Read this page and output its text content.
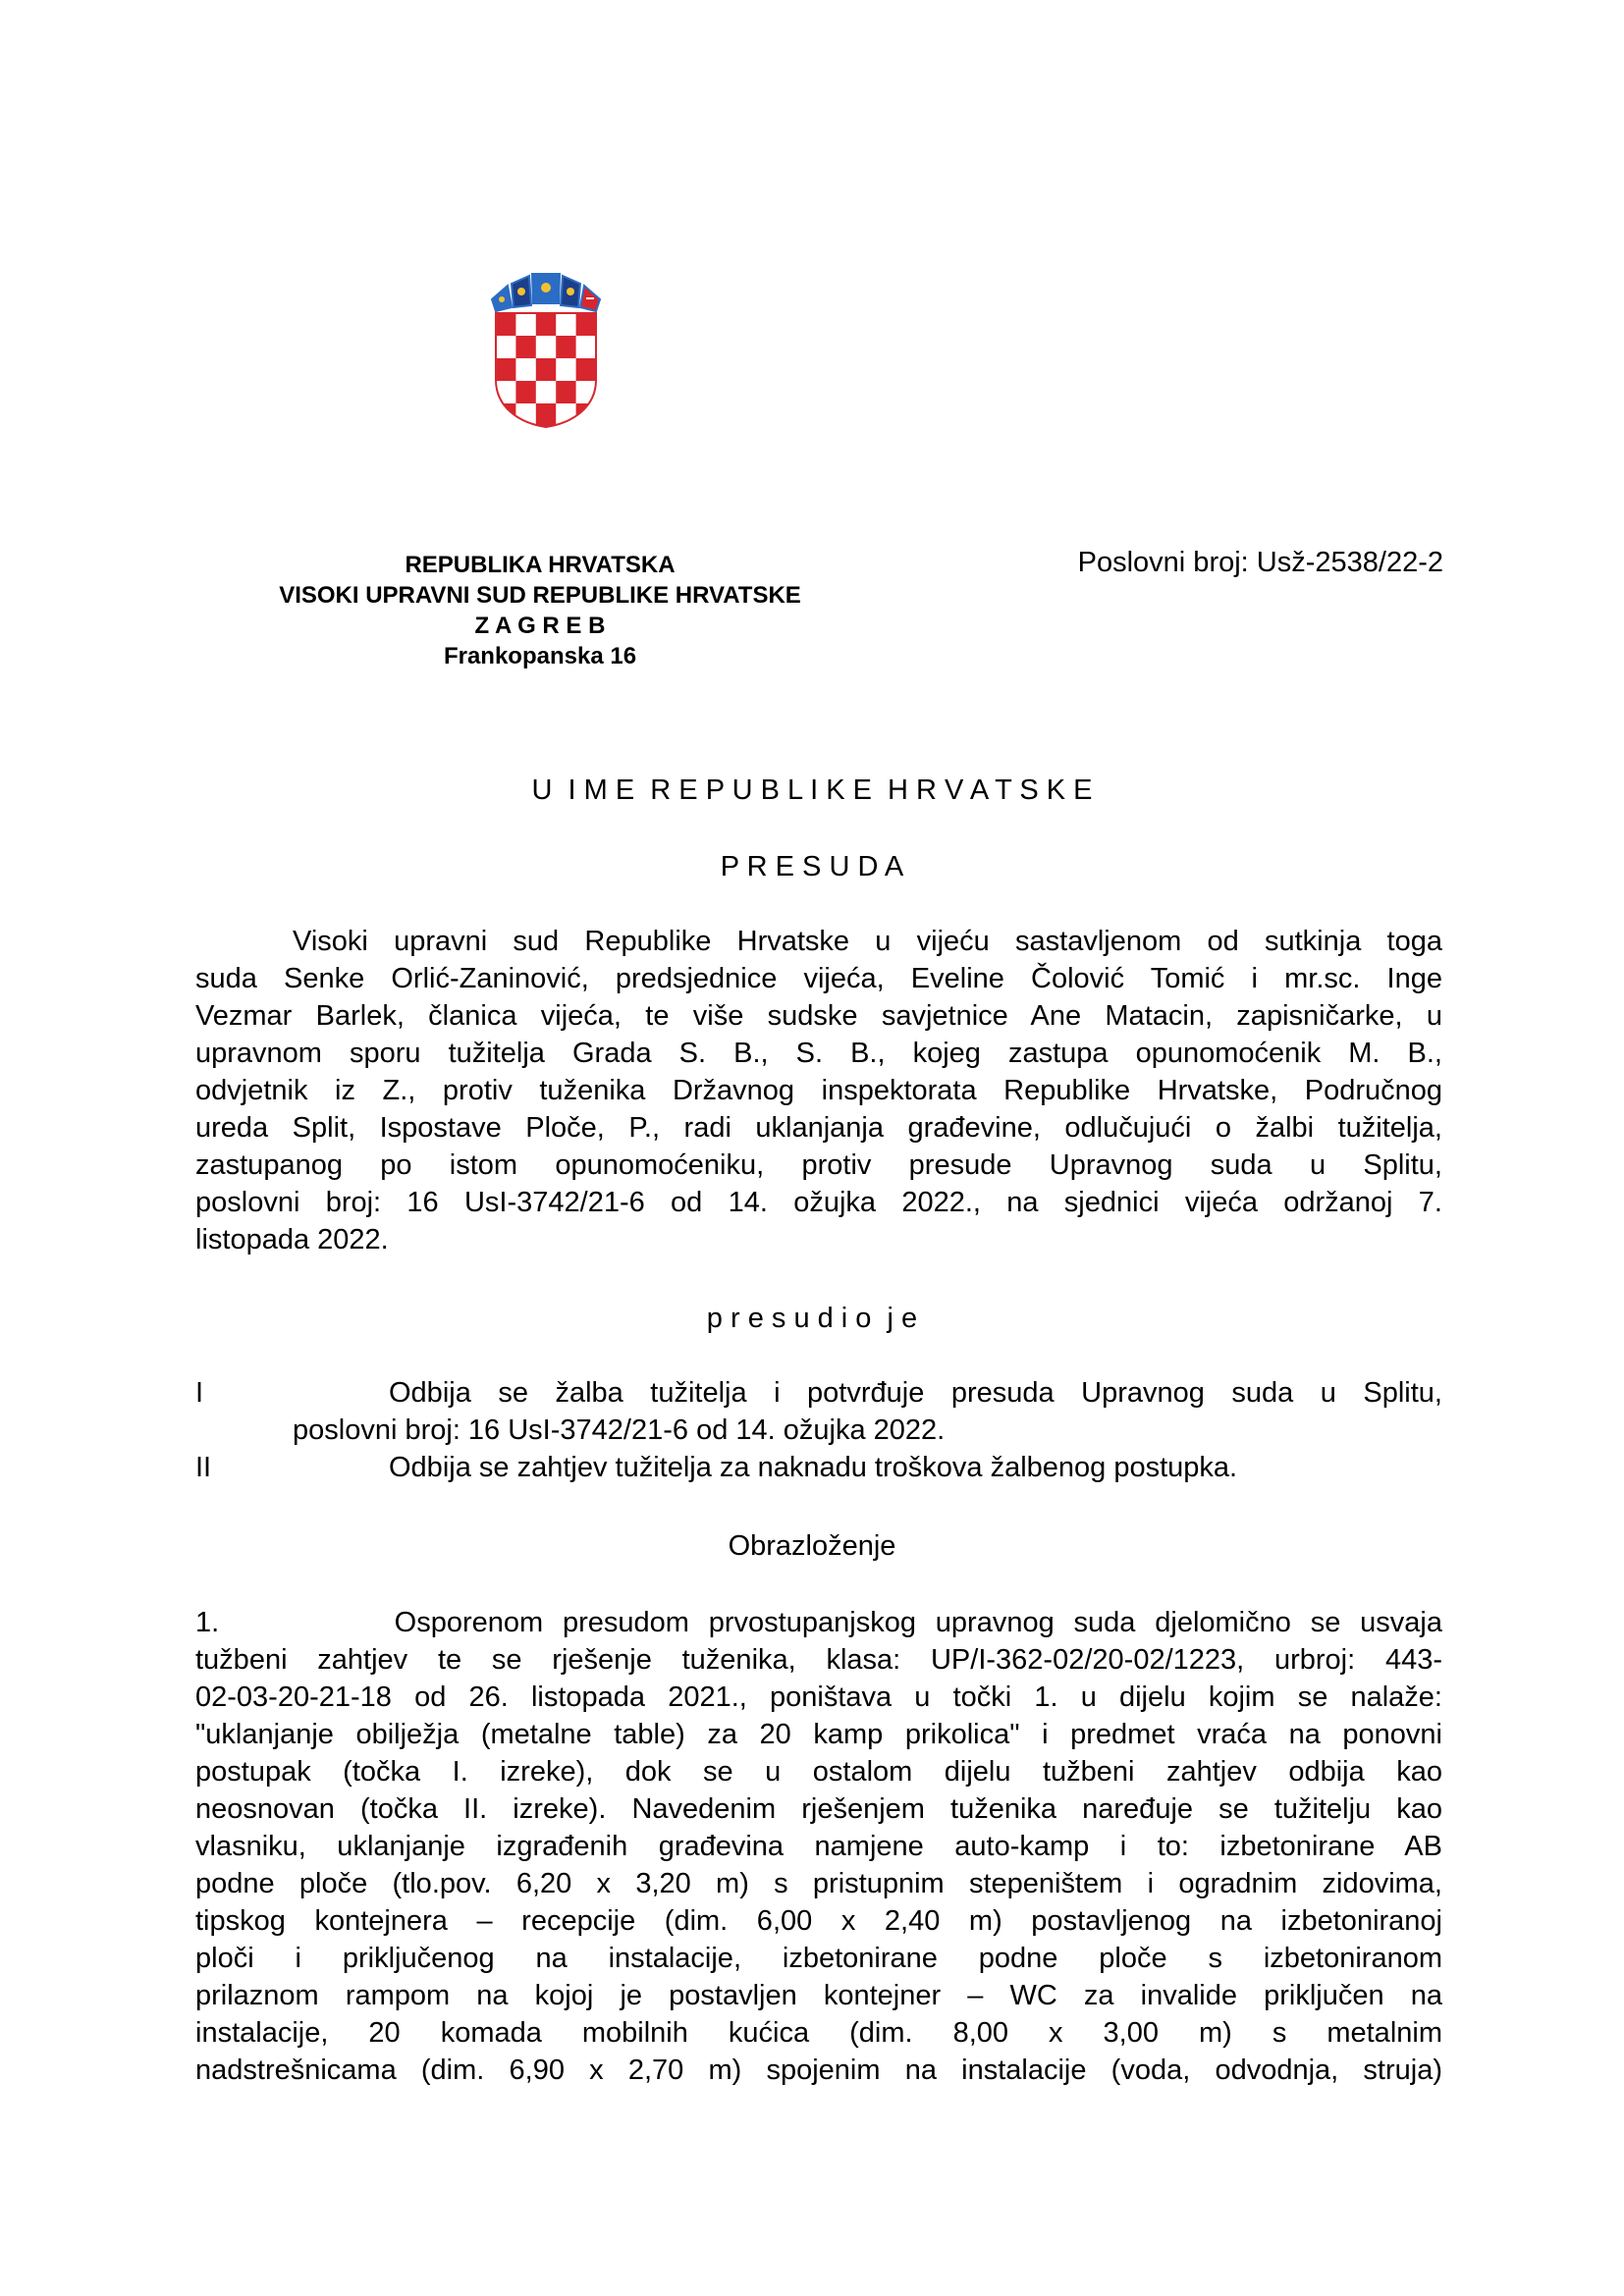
REPUBLIKA HRVATSKA
VISOKI UPRAVNI SUD REPUBLIKE HRVATSKE
Z A G R E B
Frankopanska 16
Poslovni broj: Usž-2538/22-2
U  I M E  R E P U B L I K E  H R V A T S K E
P R E S U D A
Visoki upravni sud Republike Hrvatske u vijeću sastavljenom od sutkinja toga
suda Senke Orlić-Zaninović, predsjednice vijeća, Eveline Čolović Tomić i mr.sc. Inge
Vezmar Barlek, članica vijeća, te više sudske savjetnice Ane Matacin, zapisničarke, u
upravnom sporu tužitelja Grada S. B., S. B., kojeg zastupa opunomoćenik M. B.,
odvjetnik iz Z., protiv tuženika Državnog inspektorata Republike Hrvatske, Područnog
ureda Split, Ispostave Ploče, P., radi uklanjanja građevine, odlučujući o žalbi tužitelja,
zastupanog po istom opunomoćeniku, protiv presude Upravnog suda u Splitu,
poslovni broj: 16 UsI-3742/21-6 od 14. ožujka 2022., na sjednici vijeća održanoj 7.
listopada 2022.
p r e s u d i o  j e
I	Odbija se žalba tužitelja i potvrđuje presuda Upravnog suda u Splitu,
poslovni broj: 16 UsI-3742/21-6 od 14. ožujka 2022.
II	Odbija se zahtjev tužitelja za naknadu troškova žalbenog postupka.
Obrazloženje
1.         Osporenom presudom prvostupanjskog upravnog suda djelomično se usvaja
tužbeni zahtjev te se rješenje tuženika, klasa: UP/I-362-02/20-02/1223, urbroj: 443-
02-03-20-21-18 od 26. listopada 2021., poništava u točki 1. u dijelu kojim se nalaže:
"uklanjanje obilježja (metalne table) za 20 kamp prikolica" i predmet vraća na ponovni
postupak (točka I. izreke), dok se u ostalom dijelu tužbeni zahtjev odbija kao
neosnovan (točka II. izreke). Navedenim rješenjem tuženika naređuje se tužitelju kao
vlasniku, uklanjanje izgrađenih građevina namjene auto-kamp i to: izbetonirane AB
podne ploče (tlo.pov. 6,20 x 3,20 m) s pristupnim stepeništem i ogradnim zidovima,
tipskog kontejnera – recepcije (dim. 6,00 x 2,40 m) postavljenog na izbetoniranoj
ploči i priključenog na instalacije, izbetonirane podne ploče s izbetoniranom
prilaznom rampom na kojoj je postavljen kontejner – WC za invalide priključen na
instalacije, 20 komada mobilnih kućica (dim. 8,00 x 3,00 m) s metalnim
nadstrešnicama (dim. 6,90 x 2,70 m) spojenim na instalacije (voda, odvodnja, struja)
